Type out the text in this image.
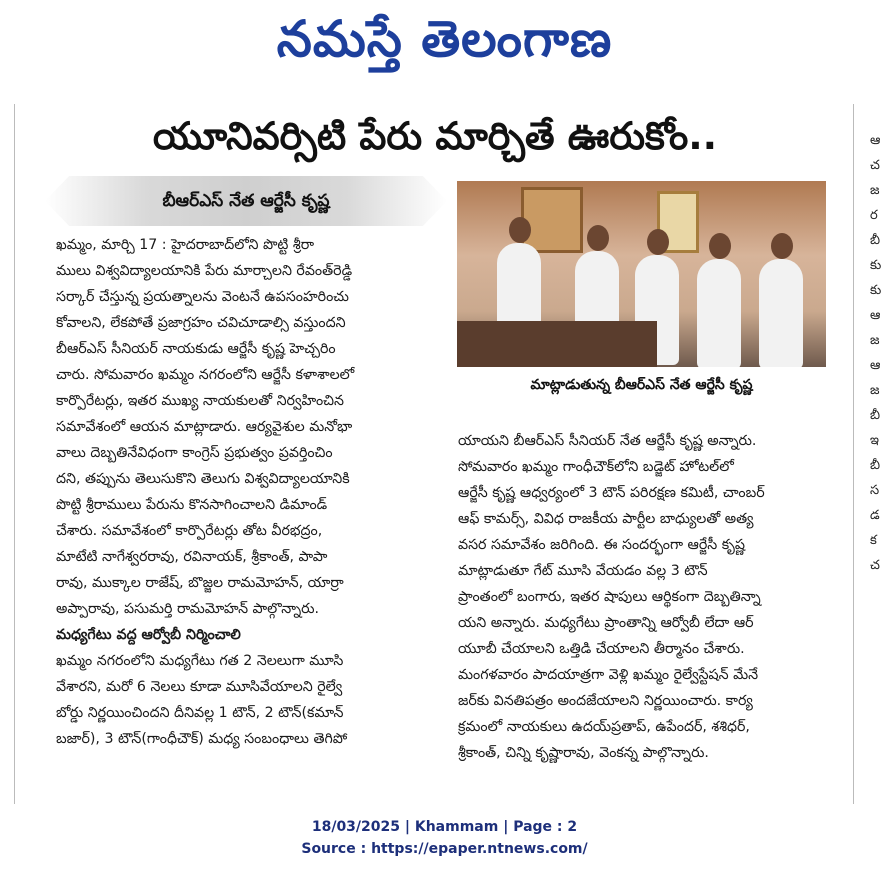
నమస్తే తెలంగాణ
యూనివర్సిటి పేరు మార్చితే ఊరుకోం..
బీఆర్ఎస్ నేత ఆర్జేసీ కృష్ణ
ఖమ్మం, మార్చి 17 : హైదరాబాద్‌లోని పొట్టి శ్రీరా
ములు విశ్వవిద్యాలయానికి పేరు మార్చాలని రేవంత్‌రెడ్డి
సర్కార్ చేస్తున్న ప్రయత్నాలను వెంటనే ఉపసంహరించు
కోవాలని, లేకపోతే ప్రజాగ్రహం చవిచూడాల్సి వస్తుందని
బీఆర్ఎస్ సీనియర్ నాయకుడు ఆర్జేసీ కృష్ణ హెచ్చరిం
చారు. సోమవారం ఖమ్మం నగరంలోని ఆర్జేసీ కళాశాలలో
కార్పొరేటర్లు, ఇతర ముఖ్య నాయకులతో నిర్వహించిన
సమావేశంలో ఆయన మాట్లాడారు. ఆర్యవైశుల మనోభా
వాలు దెబ్బతినేవిధంగా కాంగ్రెస్ ప్రభుత్వం ప్రవర్తించిం
దని, తప్పును తెలుసుకొని తెలుగు విశ్వవిద్యాలయానికి
పొట్టి శ్రీరాములు పేరును కొనసాగించాలని డిమాండ్
చేశారు. సమావేశంలో కార్పొరేటర్లు తోట వీరభద్రం,
మాటేటి నాగేశ్వరరావు, రవినాయక్, శ్రీకాంత్, పాపా
రావు, ముక్కాల రాజేష్, బొజ్జల రామమోహన్, యార్రా
అప్పారావు, పసుమర్తి రామమోహన్ పాల్గొన్నారు.
మధ్యగేటు వద్ద ఆర్వోబీ నిర్మించాలి
ఖమ్మం నగరంలోని మధ్యగేటు గత 2 నెలలుగా మూసి
వేశారని, మరో 6 నెలలు కూడా మూసివేయాలని రైల్వే
బోర్డు నిర్ణయించిందని దీనివల్ల 1 టౌన్, 2 టౌన్(కమాన్
బజార్), 3 టౌన్(గాంధీచౌక్) మధ్య సంబంధాలు తెగిపో
మాట్లాడుతున్న బీఆర్ఎస్ నేత ఆర్జేసీ కృష్ణ
యాయని బీఆర్ఎస్ సీనియర్ నేత ఆర్జేసీ కృష్ణ అన్నారు.
సోమవారం ఖమ్మం గాంధీచౌక్‌లోని బడ్జెట్ హోటల్‌లో
ఆర్జేసీ కృష్ణ ఆధ్వర్యంలో 3 టౌన్ పరిరక్షణ కమిటీ, చాంబర్
ఆఫ్ కామర్స్, వివిధ రాజకీయ పార్టీల బాధ్యులతో అత్య
వసర సమావేశం జరిగింది. ఈ సందర్భంగా ఆర్జేసీ కృష్ణ
మాట్లాడుతూ గేట్ మూసి వేయడం వల్ల 3 టౌన్
ప్రాంతంలో బంగారు, ఇతర షాపులు ఆర్థికంగా దెబ్బతిన్నా
యని అన్నారు. మధ్యగేటు ప్రాంతాన్ని ఆర్వోబీ లేదా ఆర్
యూబీ చేయాలని ఒత్తిడి చేయాలని తీర్మానం చేశారు.
మంగళవారం పాదయాత్రగా వెళ్లి ఖమ్మం రైల్వేస్టేషన్ మేనే
జర్‌కు వినతిపత్రం అందజేయాలని నిర్ణయించారు. కార్య
క్రమంలో నాయకులు ఉదయ్‌ప్రతాప్, ఉపేందర్, శశిధర్,
శ్రీకాంత్, చిన్ని కృష్ణారావు, వెంకన్న పాల్గొన్నారు.
ఆ
చ
జ
ర
బీ
కు
కు
ఆ
జ
ఆ
జ
బీ
ఇ
బీ
స
డ
క
చ
18/03/2025 | Khammam | Page : 2
Source : https://epaper.ntnews.com/
